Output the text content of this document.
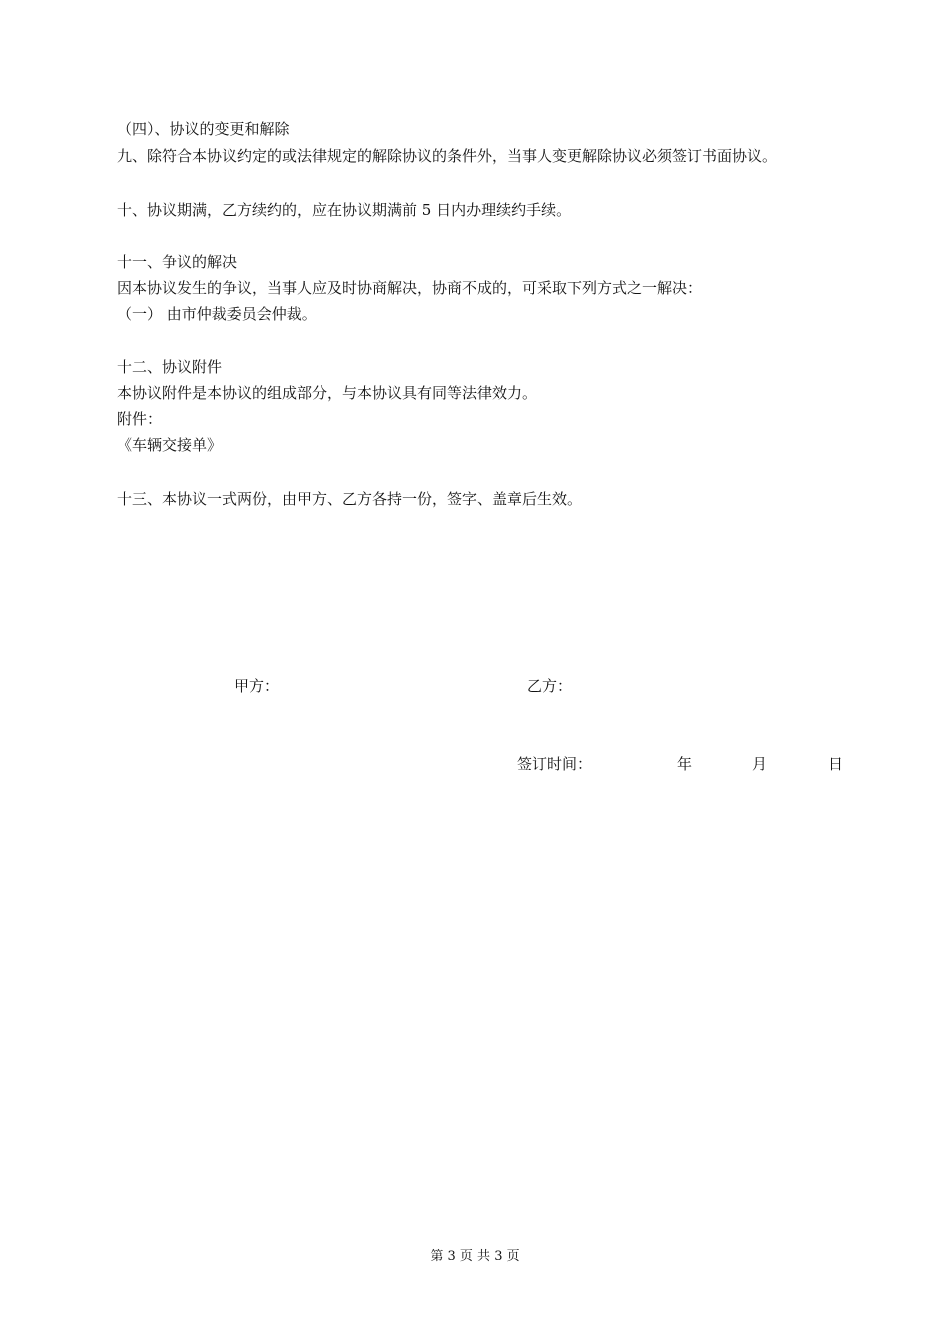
（四）、协议的变更和解除
九、除符合本协议约定的或法律规定的解除协议的条件外，当事人变更解除协议必须签订书面协议。
十、协议期满，乙方续约的，应在协议期满前 5 日内办理续约手续。
十一、争议的解决
因本协议发生的争议，当事人应及时协商解决，协商不成的，可采取下列方式之一解决：
（一） 由市仲裁委员会仲裁。
十二、协议附件
本协议附件是本协议的组成部分，与本协议具有同等法律效力。
附件：
《车辆交接单》
十三、本协议一式两份，由甲方、乙方各持一份，签字、盖章后生效。
甲方：	乙方：
签订时间：	年	月	日
第 3 页 共 3 页
